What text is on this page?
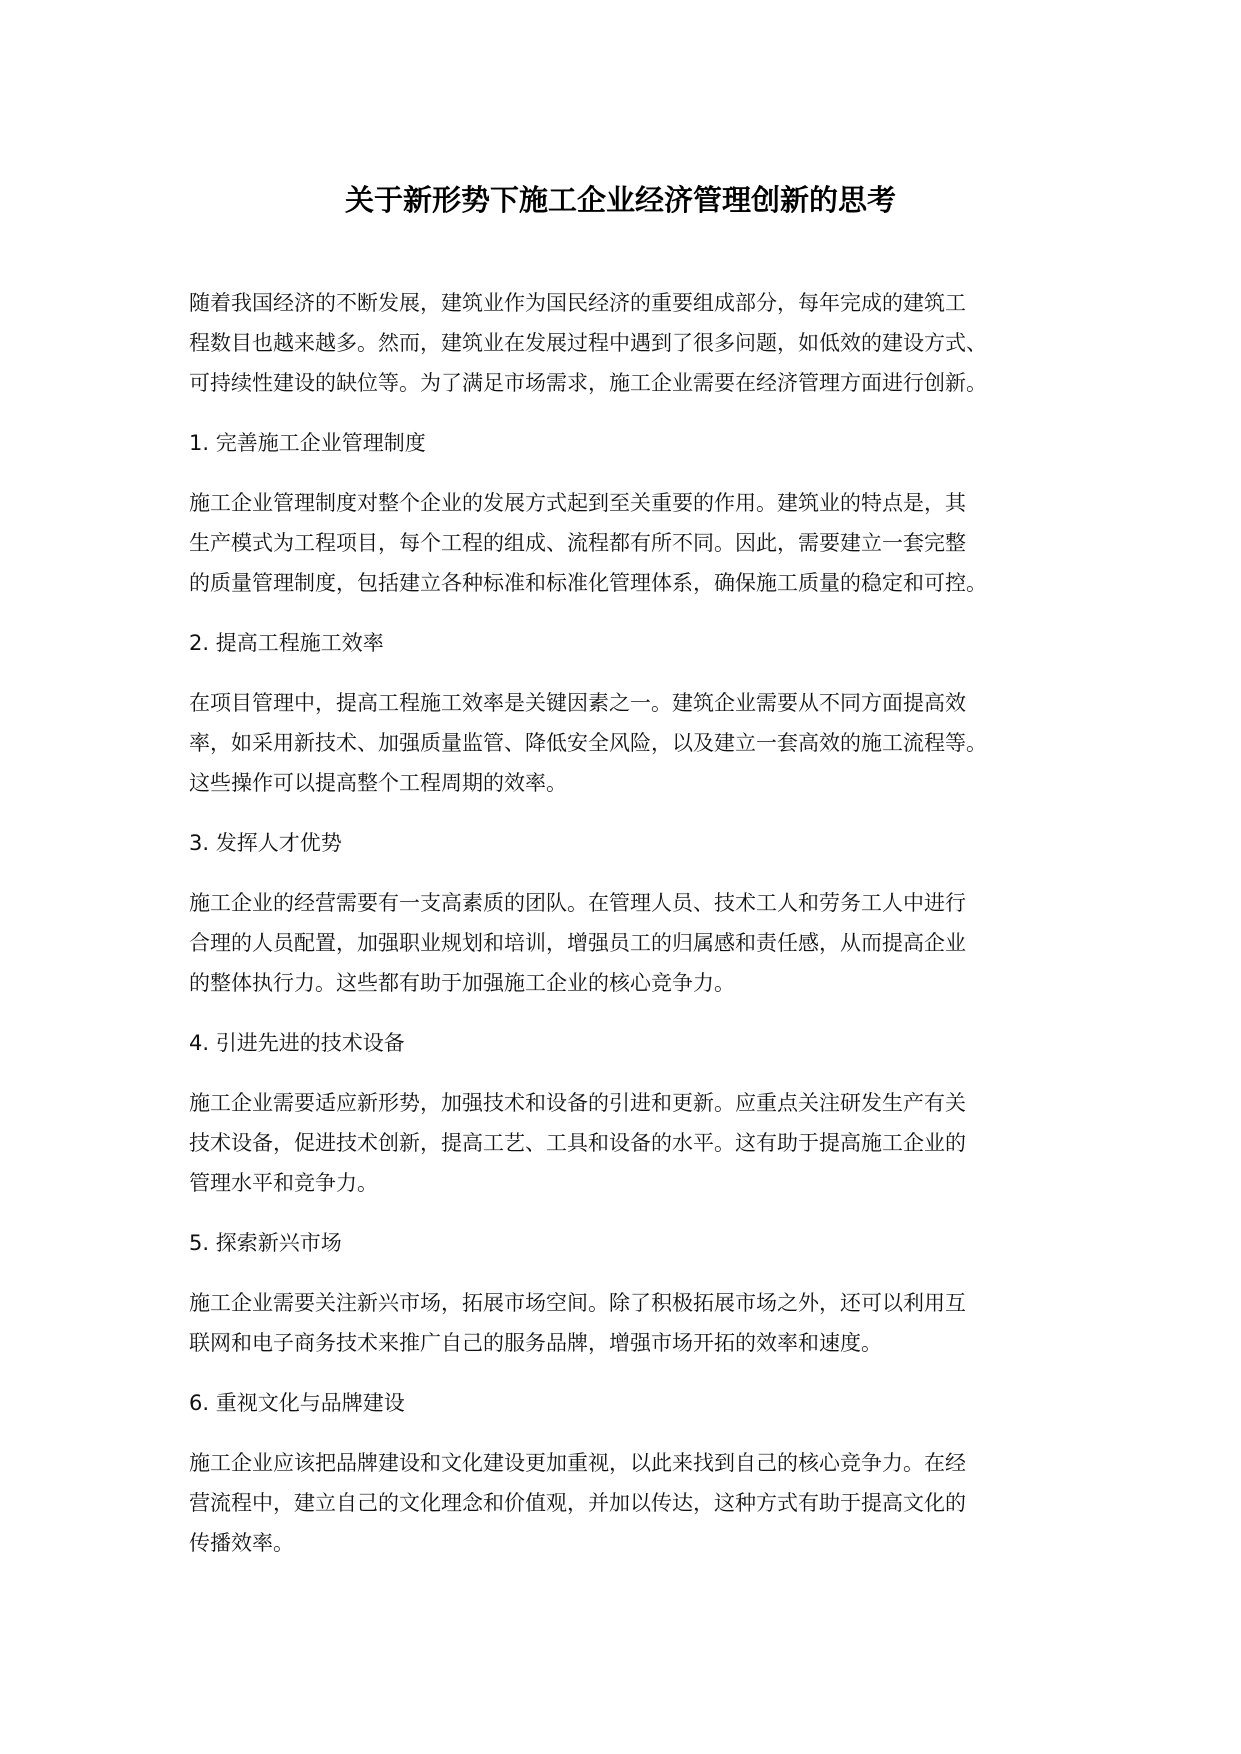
关于新形势下施工企业经济管理创新的思考

随着我国经济的不断发展，建筑业作为国民经济的重要组成部分，每年完成的建筑工
程数目也越来越多。然而，建筑业在发展过程中遇到了很多问题，如低效的建设方式、
可持续性建设的缺位等。为了满足市场需求，施工企业需要在经济管理方面进行创新。

1. 完善施工企业管理制度

施工企业管理制度对整个企业的发展方式起到至关重要的作用。建筑业的特点是，其
生产模式为工程项目，每个工程的组成、流程都有所不同。因此，需要建立一套完整
的质量管理制度，包括建立各种标准和标准化管理体系，确保施工质量的稳定和可控。

2. 提高工程施工效率

在项目管理中，提高工程施工效率是关键因素之一。建筑企业需要从不同方面提高效
率，如采用新技术、加强质量监管、降低安全风险，以及建立一套高效的施工流程等。
这些操作可以提高整个工程周期的效率。

3. 发挥人才优势

施工企业的经营需要有一支高素质的团队。在管理人员、技术工人和劳务工人中进行
合理的人员配置，加强职业规划和培训，增强员工的归属感和责任感，从而提高企业
的整体执行力。这些都有助于加强施工企业的核心竞争力。

4. 引进先进的技术设备

施工企业需要适应新形势，加强技术和设备的引进和更新。应重点关注研发生产有关
技术设备，促进技术创新，提高工艺、工具和设备的水平。这有助于提高施工企业的
管理水平和竞争力。

5. 探索新兴市场

施工企业需要关注新兴市场，拓展市场空间。除了积极拓展市场之外，还可以利用互
联网和电子商务技术来推广自己的服务品牌，增强市场开拓的效率和速度。

6. 重视文化与品牌建设

施工企业应该把品牌建设和文化建设更加重视，以此来找到自己的核心竞争力。在经
营流程中，建立自己的文化理念和价值观，并加以传达，这种方式有助于提高文化的
传播效率。
